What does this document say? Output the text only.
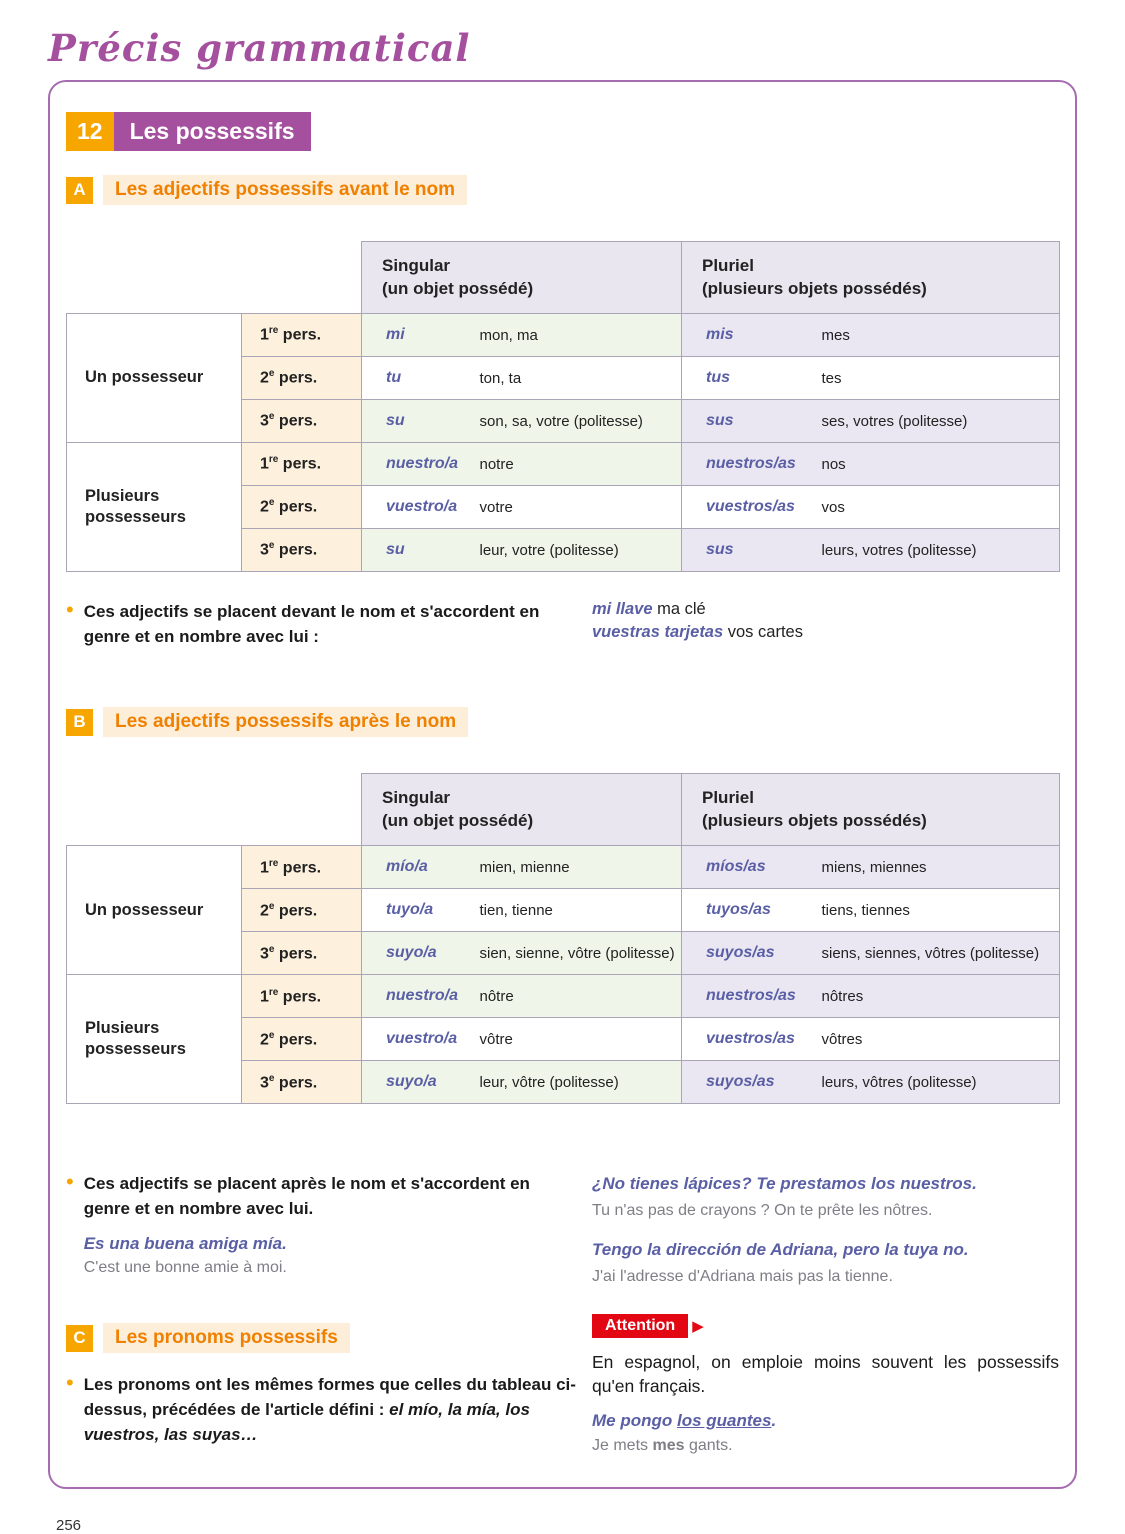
Précis grammatical
12	Les possessifs
A	Les adjectifs possessifs avant le nom

		Singular
(un objet possédé)		Pluriel
(plusieurs objets possédés)	

Un possesseur	1re pers.	mi	mon, ma	mis	mes
	2e pers.	tu	ton, ta	tus	tes
	3e pers.	su	son, sa, votre (politesse)	sus	ses, votres (politesse)
Plusieurs possesseurs	1re pers.	nuestro/a	notre	nuestros/as	nos
	2e pers.	vuestro/a	votre	vuestros/as	vos
	3e pers.	su	leur, votre (politesse)	sus	leurs, votres (politesse)
• Ces adjectifs se placent devant le nom et s'accordent en genre et en nombre avec lui :

mi llave ma clé
vuestras tarjetas vos cartes
B	Les adjectifs possessifs après le nom

		Singular
(un objet possédé)		Pluriel
(plusieurs objets possédés)	

Un possesseur	1re pers.	mío/a	mien, mienne	míos/as	miens, miennes
	2e pers.	tuyo/a	tien, tienne	tuyos/as	tiens, tiennes
	3e pers.	suyo/a	sien, sienne, vôtre (politesse)	suyos/as	siens, siennes, vôtres (politesse)
Plusieurs possesseurs	1re pers.	nuestro/a	nôtre	nuestros/as	nôtres
	2e pers.	vuestro/a	vôtre	vuestros/as	vôtres
	3e pers.	suyo/a	leur, vôtre (politesse)	suyos/as	leurs, vôtres (politesse)
• Ces adjectifs se placent après le nom et s'accordent en genre et en nombre avec lui.

Es una buena amiga mía.

C'est une bonne amie à moi.

C	Les pronoms possessifs
• Les pronoms ont les mêmes formes que celles du tableau ci-dessus, précédées de l'article défini : el mío, la mía, los vuestros, las suyas…

¿No tienes lápices? Te prestamos los nuestros.

Tu n'as pas de crayons ? On te prête les nôtres.

Tengo la dirección de Adriana, pero la tuya no.

J'ai l'adresse d'Adriana mais pas la tienne.

Attention	▶

En espagnol, on emploie moins souvent les possessifs qu'en français.

Me pongo los guantes.

Je mets mes gants.

256
